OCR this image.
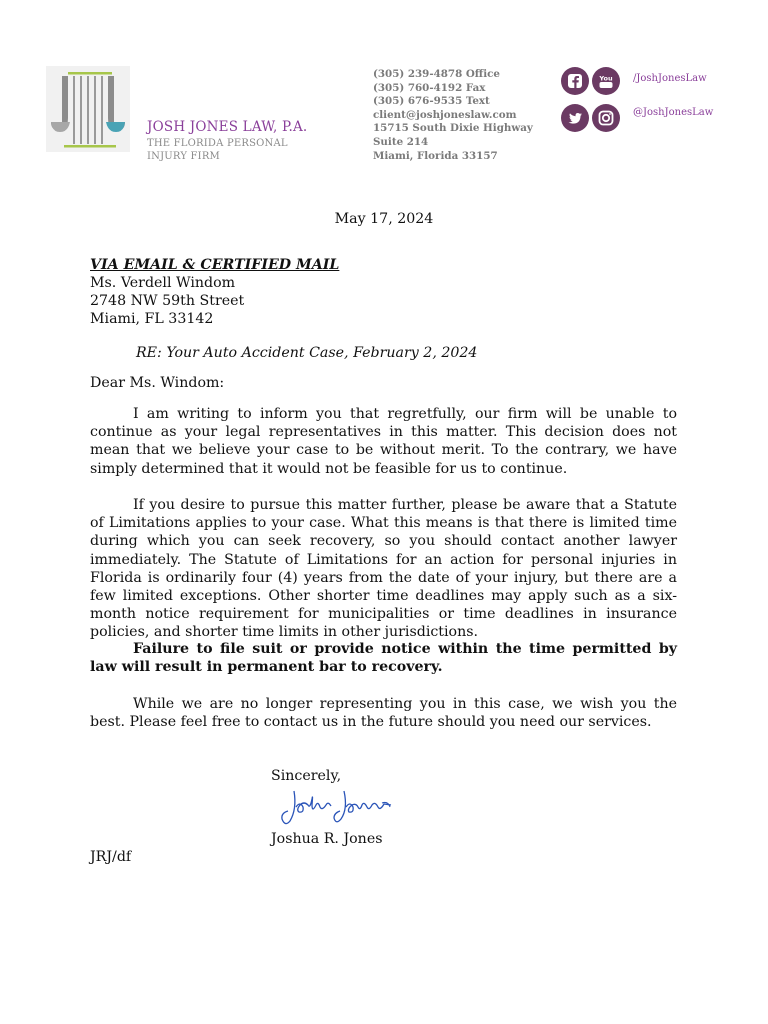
JOSH JONES LAW, P.A.
THE FLORIDA PERSONAL INJURY FIRM
(305) 239-4878 Office
(305) 760-4192 Fax
(305) 676-9535 Text
client@joshjoneslaw.com
15715 South Dixie Highway
Suite 214
Miami, Florida 33157
You /JoshJonesLaw
@JoshJonesLaw
May 17, 2024
VIA EMAIL & CERTIFIED MAIL
Ms. Verdell Windom
2748 NW 59th Street
Miami, FL 33142
RE: Your Auto Accident Case, February 2, 2024
Dear Ms. Windom:
I am writing to inform you that regretfully, our firm will be unable to continue as your legal representatives in this matter. This decision does not mean that we believe your case to be without merit. To the contrary, we have simply determined that it would not be feasible for us to continue.
If you desire to pursue this matter further, please be aware that a Statute of Limitations applies to your case. What this means is that there is limited time during which you can seek recovery, so you should contact another lawyer immediately. The Statute of Limitations for an action for personal injuries in Florida is ordinarily four (4) years from the date of your injury, but there are a few limited exceptions. Other shorter time deadlines may apply such as a six-month notice requirement for municipalities or time deadlines in insurance policies, and shorter time limits in other jurisdictions.
Failure to file suit or provide notice within the time permitted by law will result in permanent bar to recovery.
While we are no longer representing you in this case, we wish you the best. Please feel free to contact us in the future should you need our services.
Sincerely,
Joshua R. Jones
JRJ/df
